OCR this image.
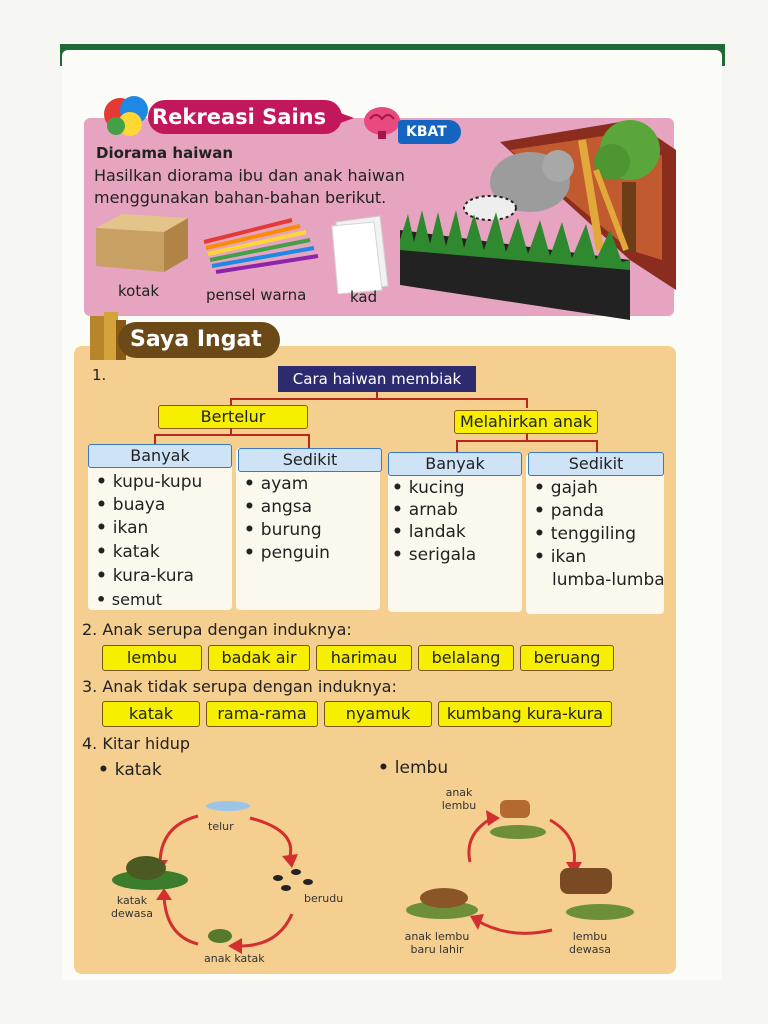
Rekreasi Sains
KBAT
Diorama haiwan
Hasilkan diorama ibu dan anak haiwan
menggunakan bahan-bahan berikut.
kotak	pensel warna	kad
Saya Ingat
1.	Cara haiwan membiak
Bertelur	Melahirkan anak
Banyak
• kupu-kupu
• buaya
• ikan
• katak
• kura-kura
• semut
Sedikit
• ayam
• angsa
• burung
• penguin
Banyak
• kucing
• arnab
• landak
• serigala
Sedikit
• gajah
• panda
• tenggiling
• ikan
lumba-lumba
2. Anak serupa dengan induknya:
lembu	badak air	harimau	belalang	beruang
3. Anak tidak serupa dengan induknya:
katak	rama-rama	nyamuk	kumbang kura-kura
4. Kitar hidup
• katak
•	lembu
telur
berudu
anak katak
katak dewasa
anak lembu
lembu dewasa
anak lembu baru lahir
